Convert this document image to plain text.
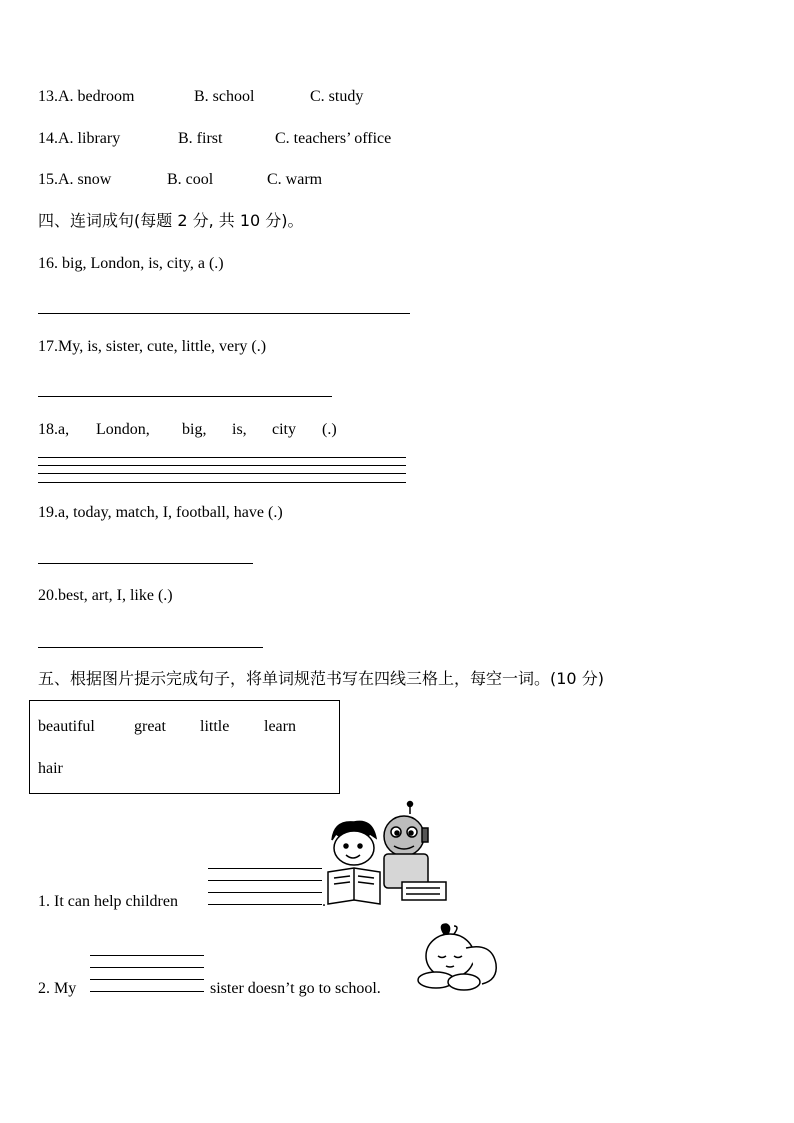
13.A. bedroom	B. school	C. study
14.A. library	B. first	C. teachers’ office
15.A. snow	B. cool	C. warm
四、连词成句(每题 2 分, 共 10 分)。
16. big, London, is, city, a (.)
17.My, is, sister, cute, little, very (.)
18.a, London, big, is, city (.)
19.a, today, match, I, football, have (.)
20.best, art, I, like (.)
五、根据图片提示完成句子，将单词规范书写在四线三格上，每空一词。(10 分)
beautiful great little learn
hair
1. It can help children	.
2. My	sister doesn’t go to school.
